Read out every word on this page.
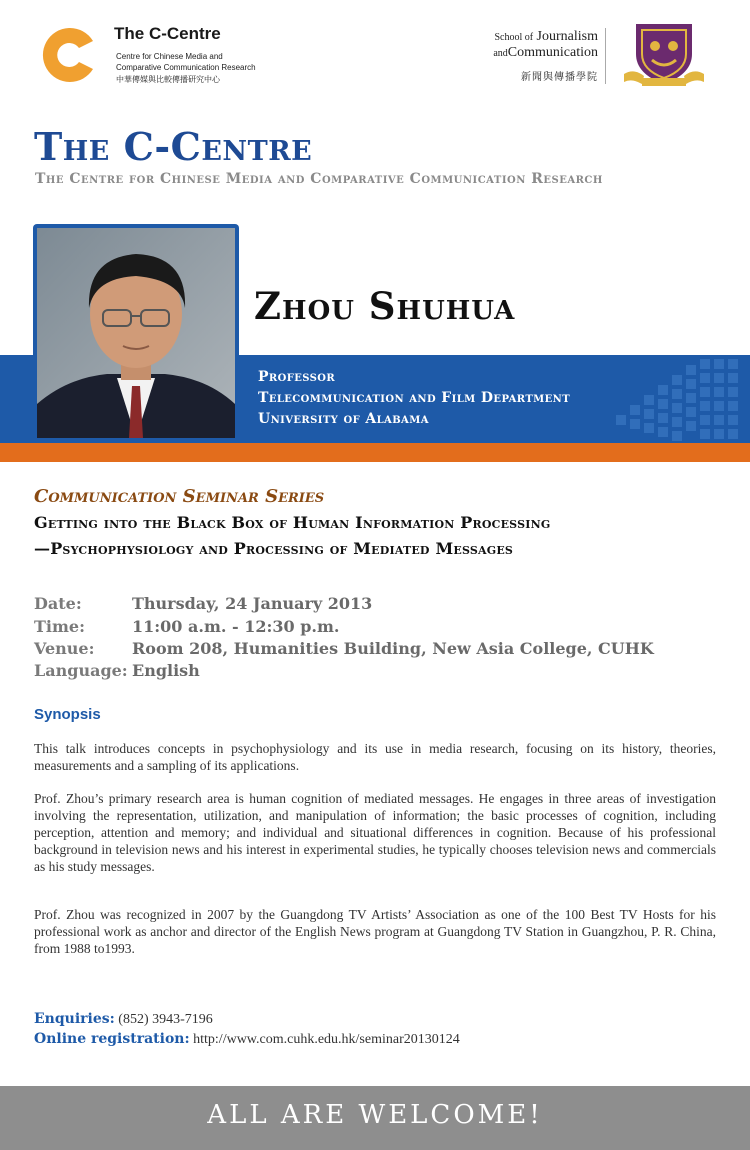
The C-Centre
Centre for Chinese Media and
Comparative Communication Research
中華傳媒與比較傳播研究中心
School of Journalism
andCommunication
新聞與傳播學院
The C-Centre
The Centre for Chinese Media and Comparative Communication Research
Zhou Shuhua
Professor
Telecommunication and Film Department
University of Alabama
Communication Seminar Series
Getting into the Black Box of Human Information Processing
—Psychophysiology and Processing of Mediated Messages
Date:	Thursday, 24 January 2013
Time:	11:00 a.m. - 12:30 p.m.
Venue: Room 208, Humanities Building, New Asia College, CUHK
Language: English
Synopsis
This talk introduces concepts in psychophysiology and its use in media research, focusing on its history, theories, measurements and a sampling of its applications.
Prof. Zhou’s primary research area is human cognition of mediated messages. He engages in three areas of investigation involving the representation, utilization, and manipulation of information; the basic processes of cognition, including perception, attention and memory; and individual and situational differences in cognition. Because of his professional background in television news and his interest in experimental studies, he typically chooses television news and commercials as his study messages.
Prof. Zhou was recognized in 2007 by the Guangdong TV Artists’ Association as one of the 100 Best TV Hosts for his professional work as anchor and director of the English News program at Guangdong TV Station in Guangzhou, P. R. China, from 1988 to1993.
Enquiries: (852) 3943-7196
Online registration: http://www.com.cuhk.edu.hk/seminar20130124
ALL ARE WELCOME!
